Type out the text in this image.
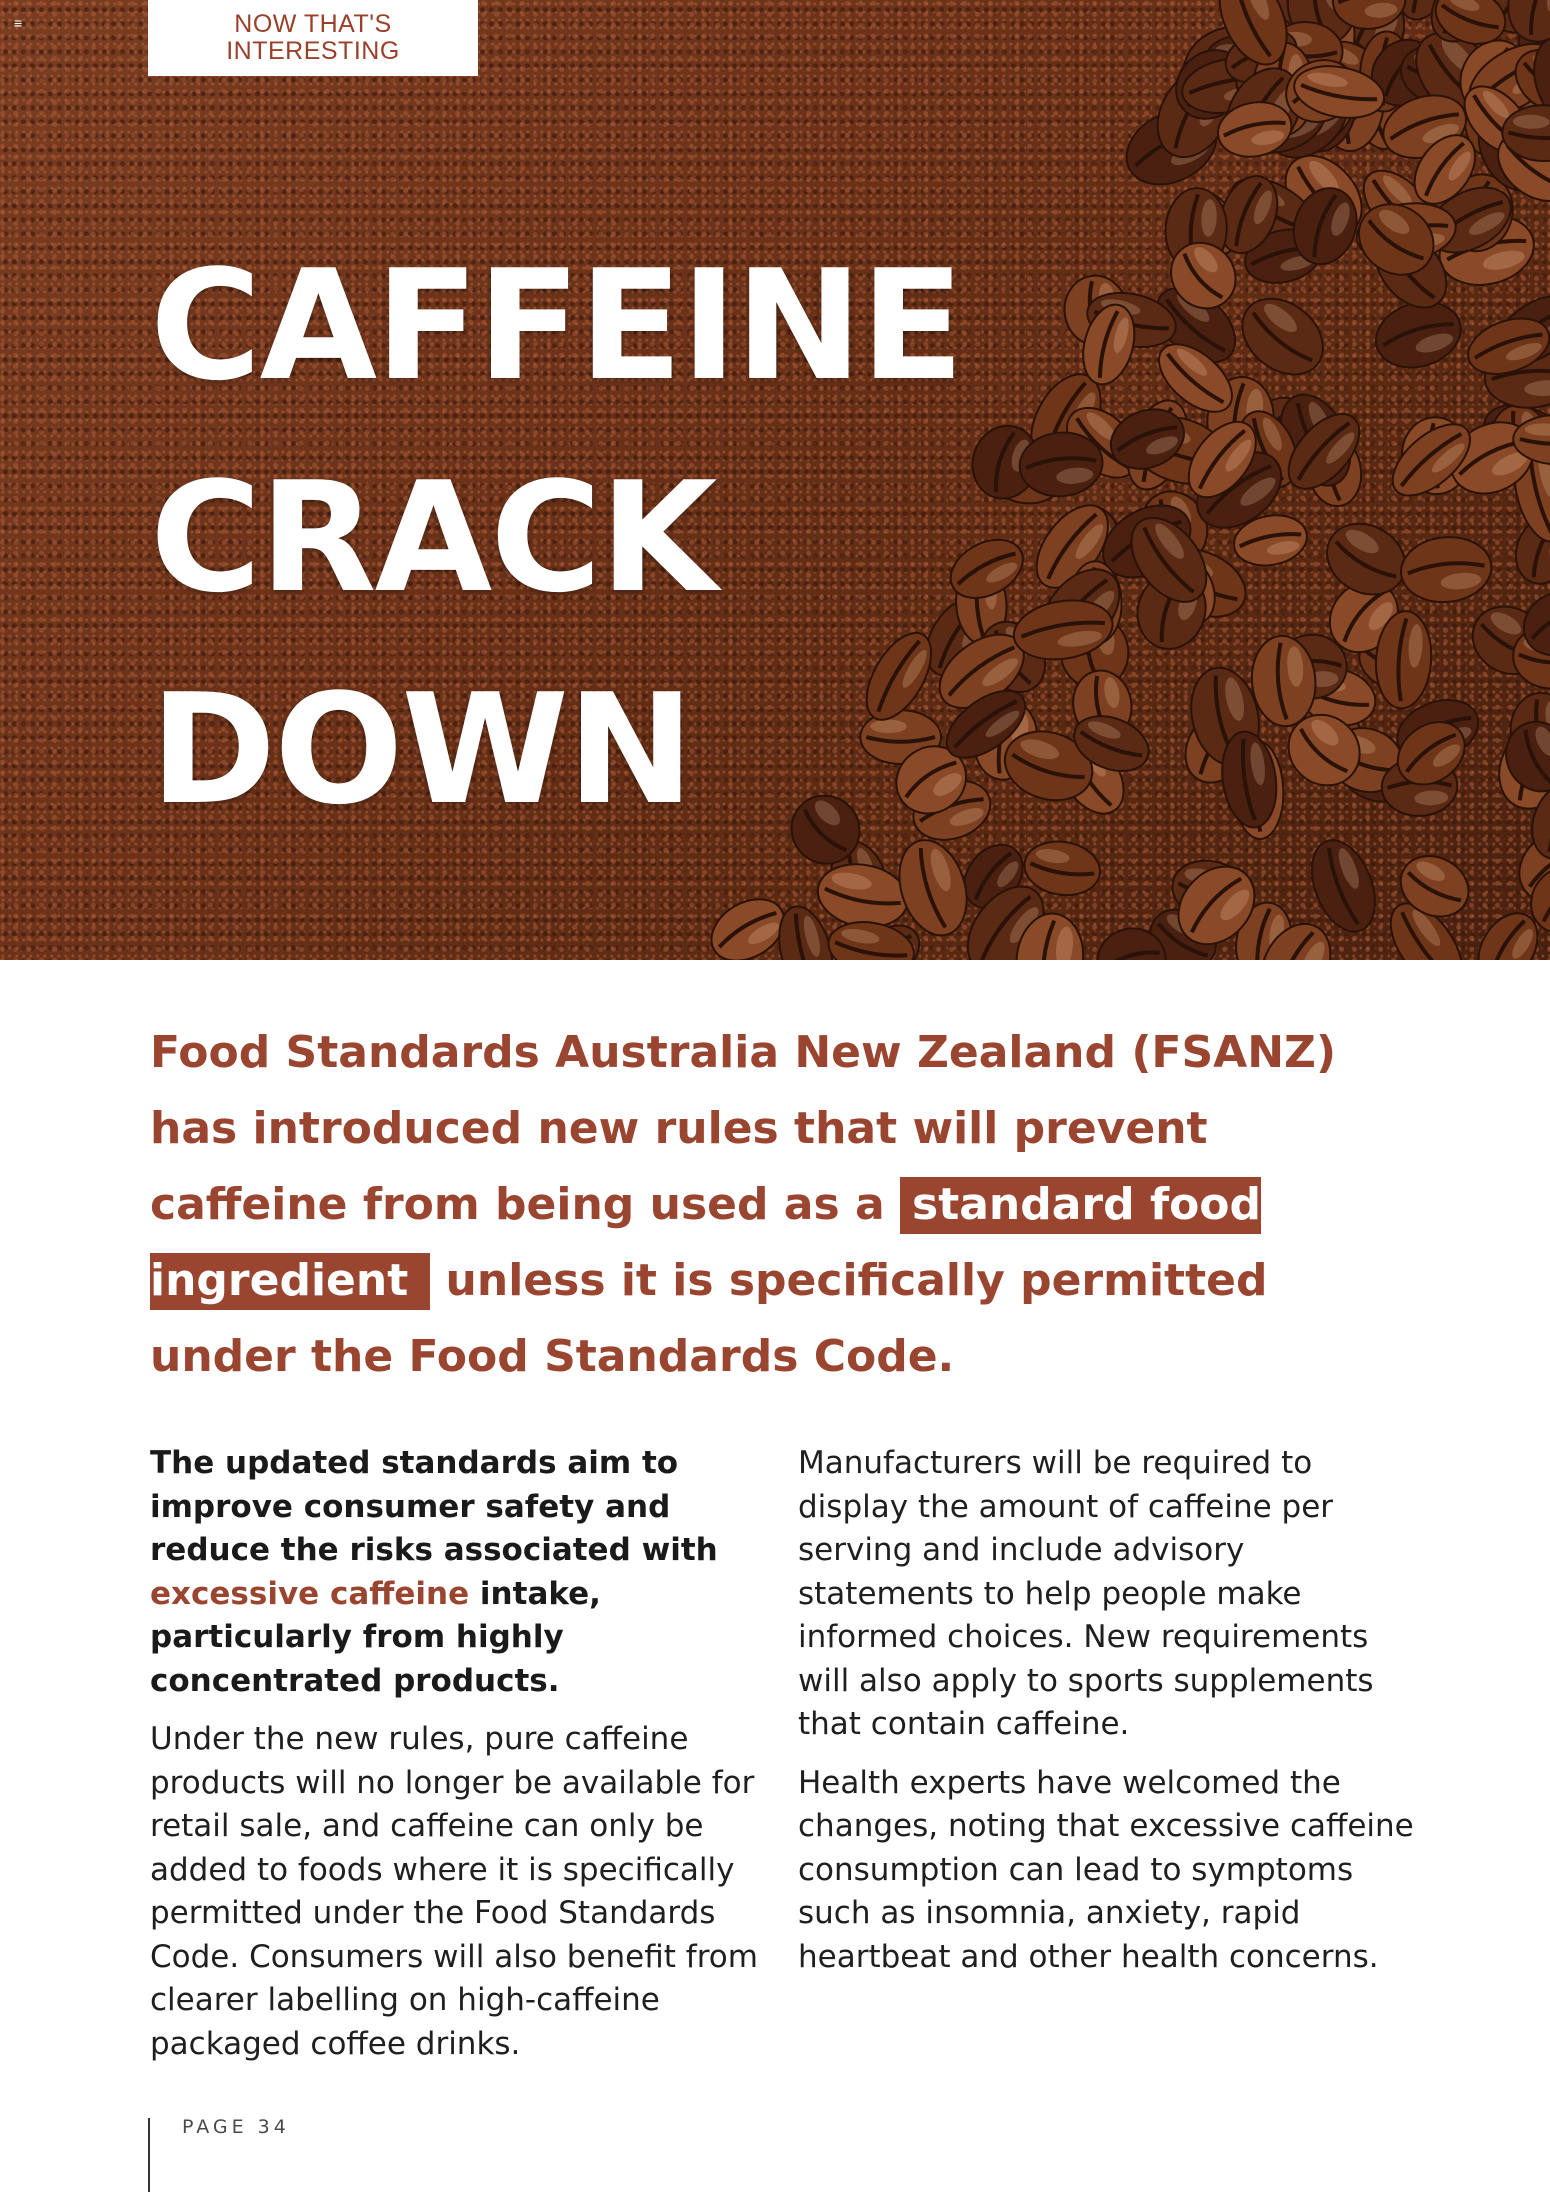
≡	NOW THAT'S
INTERESTING
CAFFEINE
CRACK
DOWN
Food Standards Australia New Zealand (FSANZ) has introduced new rules that will prevent caffeine from being used as a standard food ingredient unless it is specifically permitted under the Food Standards Code.

The updated standards aim to improve consumer safety and reduce the risks associated with excessive caffeine intake, particularly from highly concentrated products.

Under the new rules, pure caffeine products will no longer be available for retail sale, and caffeine can only be added to foods where it is specifically permitted under the Food Standards Code. Consumers will also benefit from clearer labelling on high-caffeine packaged coffee drinks.

Manufacturers will be required to display the amount of caffeine per serving and include advisory statements to help people make informed choices. New requirements will also apply to sports supplements that contain caffeine.

Health experts have welcomed the changes, noting that excessive caffeine consumption can lead to symptoms such as insomnia, anxiety, rapid heartbeat and other health concerns.

PAGE 34
